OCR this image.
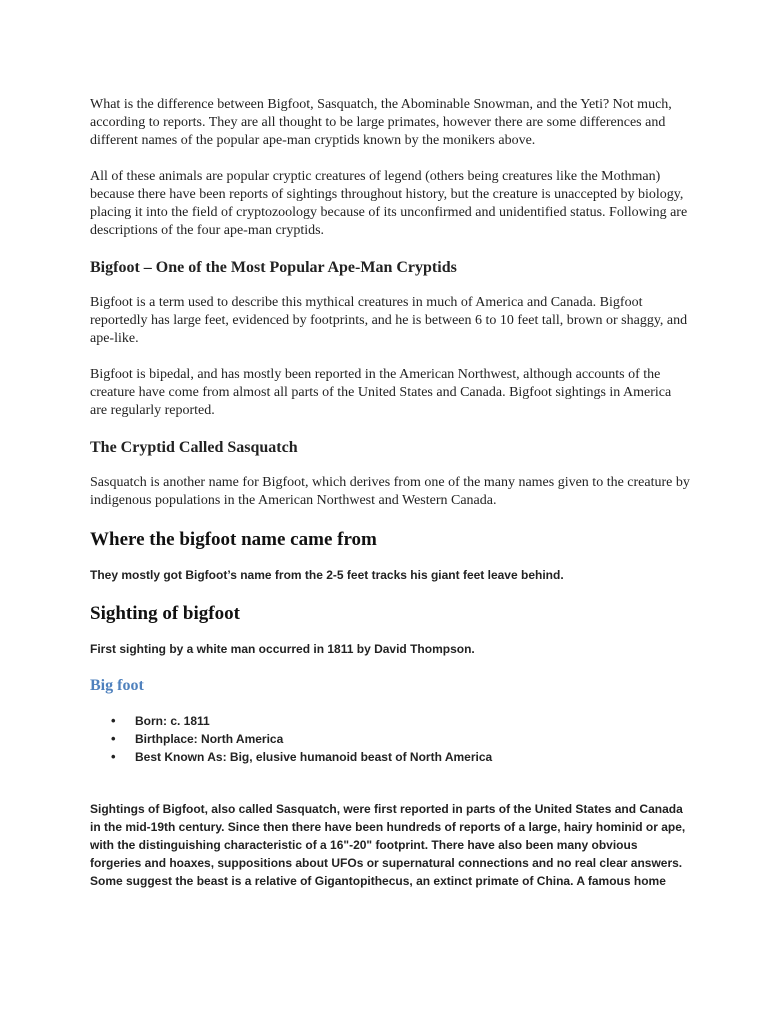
What is the difference between Bigfoot, Sasquatch, the Abominable Snowman, and the Yeti? Not much, according to reports. They are all thought to be large primates, however there are some differences and different names of the popular ape-man cryptids known by the monikers above.

All of these animals are popular cryptic creatures of legend (others being creatures like the Mothman) because there have been reports of sightings throughout history, but the creature is unaccepted by biology, placing it into the field of cryptozoology because of its unconfirmed and unidentified status. Following are descriptions of the four ape-man cryptids.

Bigfoot – One of the Most Popular Ape-Man Cryptids

Bigfoot is a term used to describe this mythical creatures in much of America and Canada. Bigfoot reportedly has large feet, evidenced by footprints, and he is between 6 to 10 feet tall, brown or shaggy, and ape-like.

Bigfoot is bipedal, and has mostly been reported in the American Northwest, although accounts of the creature have come from almost all parts of the United States and Canada. Bigfoot sightings in America are regularly reported.

The Cryptid Called Sasquatch

Sasquatch is another name for Bigfoot, which derives from one of the many names given to the creature by indigenous populations in the American Northwest and Western Canada.

Where the bigfoot name came from

They mostly got Bigfoot’s name from the 2-5 feet tracks his giant feet leave behind.

Sighting of bigfoot

First sighting by a white man occurred in 1811 by David Thompson.

Big foot
• Born: c. 1811
• Birthplace: North America
• Best Known As: Big, elusive humanoid beast of North America

Sightings of Bigfoot, also called Sasquatch, were first reported in parts of the United States and Canada in the mid-19th century. Since then there have been hundreds of reports of a large, hairy hominid or ape, with the distinguishing characteristic of a 16"-20" footprint. There have also been many obvious forgeries and hoaxes, suppositions about UFOs or supernatural connections and no real clear answers. Some suggest the beast is a relative of Gigantopithecus, an extinct primate of China. A famous home
